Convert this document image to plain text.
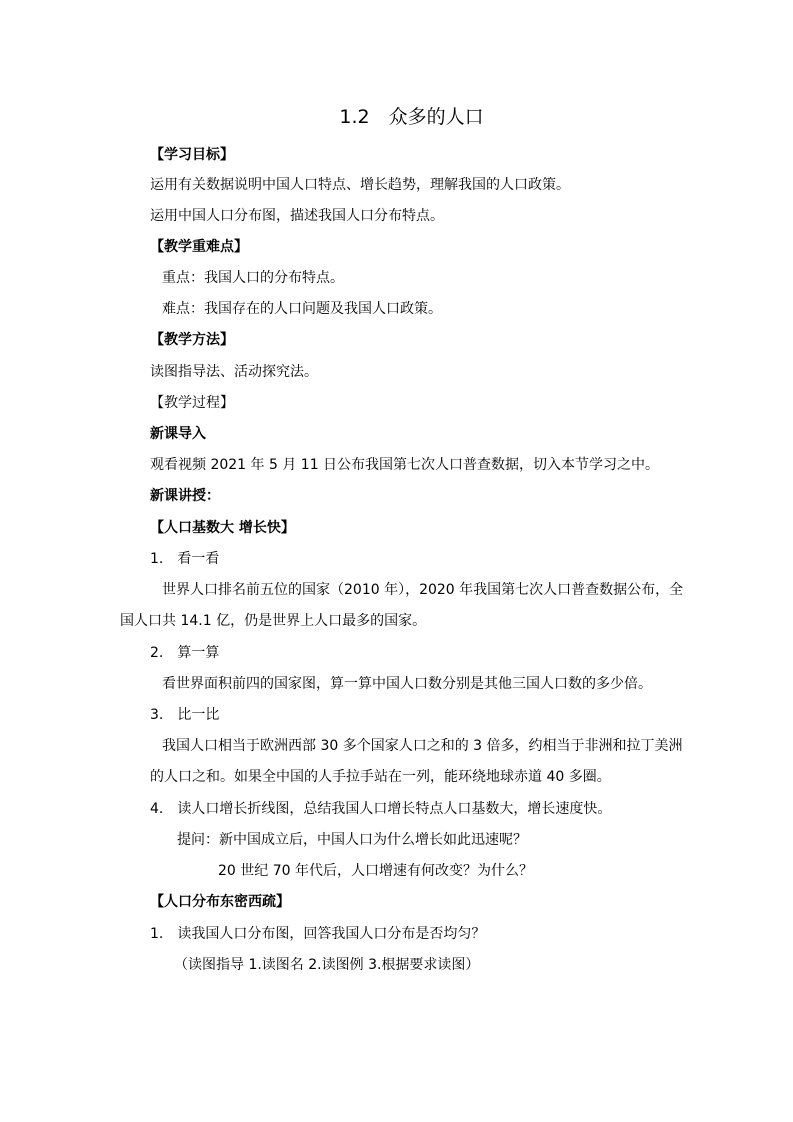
1.2　众多的人口
【学习目标】
运用有关数据说明中国人口特点、增长趋势，理解我国的人口政策。
运用中国人口分布图，描述我国人口分布特点。
【教学重难点】
重点：我国人口的分布特点。
难点：我国存在的人口问题及我国人口政策。
【教学方法】
读图指导法、活动探究法。
【教学过程】
新课导入
观看视频 2021 年 5 月 11 日公布我国第七次人口普查数据，切入本节学习之中。
新课讲授：
【人口基数大 增长快】
1.　看一看
世界人口排名前五位的国家（2010 年），2020 年我国第七次人口普查数据公布，全
国人口共 14.1 亿，仍是世界上人口最多的国家。
2.　算一算
看世界面积前四的国家图，算一算中国人口数分别是其他三国人口数的多少倍。
3.　比一比
我国人口相当于欧洲西部 30 多个国家人口之和的 3 倍多，约相当于非洲和拉丁美洲
的人口之和。如果全中国的人手拉手站在一列，能环绕地球赤道 40 多圈。
4.　读人口增长折线图，总结我国人口增长特点人口基数大，增长速度快。
提问：新中国成立后，中国人口为什么增长如此迅速呢？
20 世纪 70 年代后，人口增速有何改变？为什么？
【人口分布东密西疏】
1.　读我国人口分布图，回答我国人口分布是否均匀？
（读图指导 1.读图名 2.读图例 3.根据要求读图）
